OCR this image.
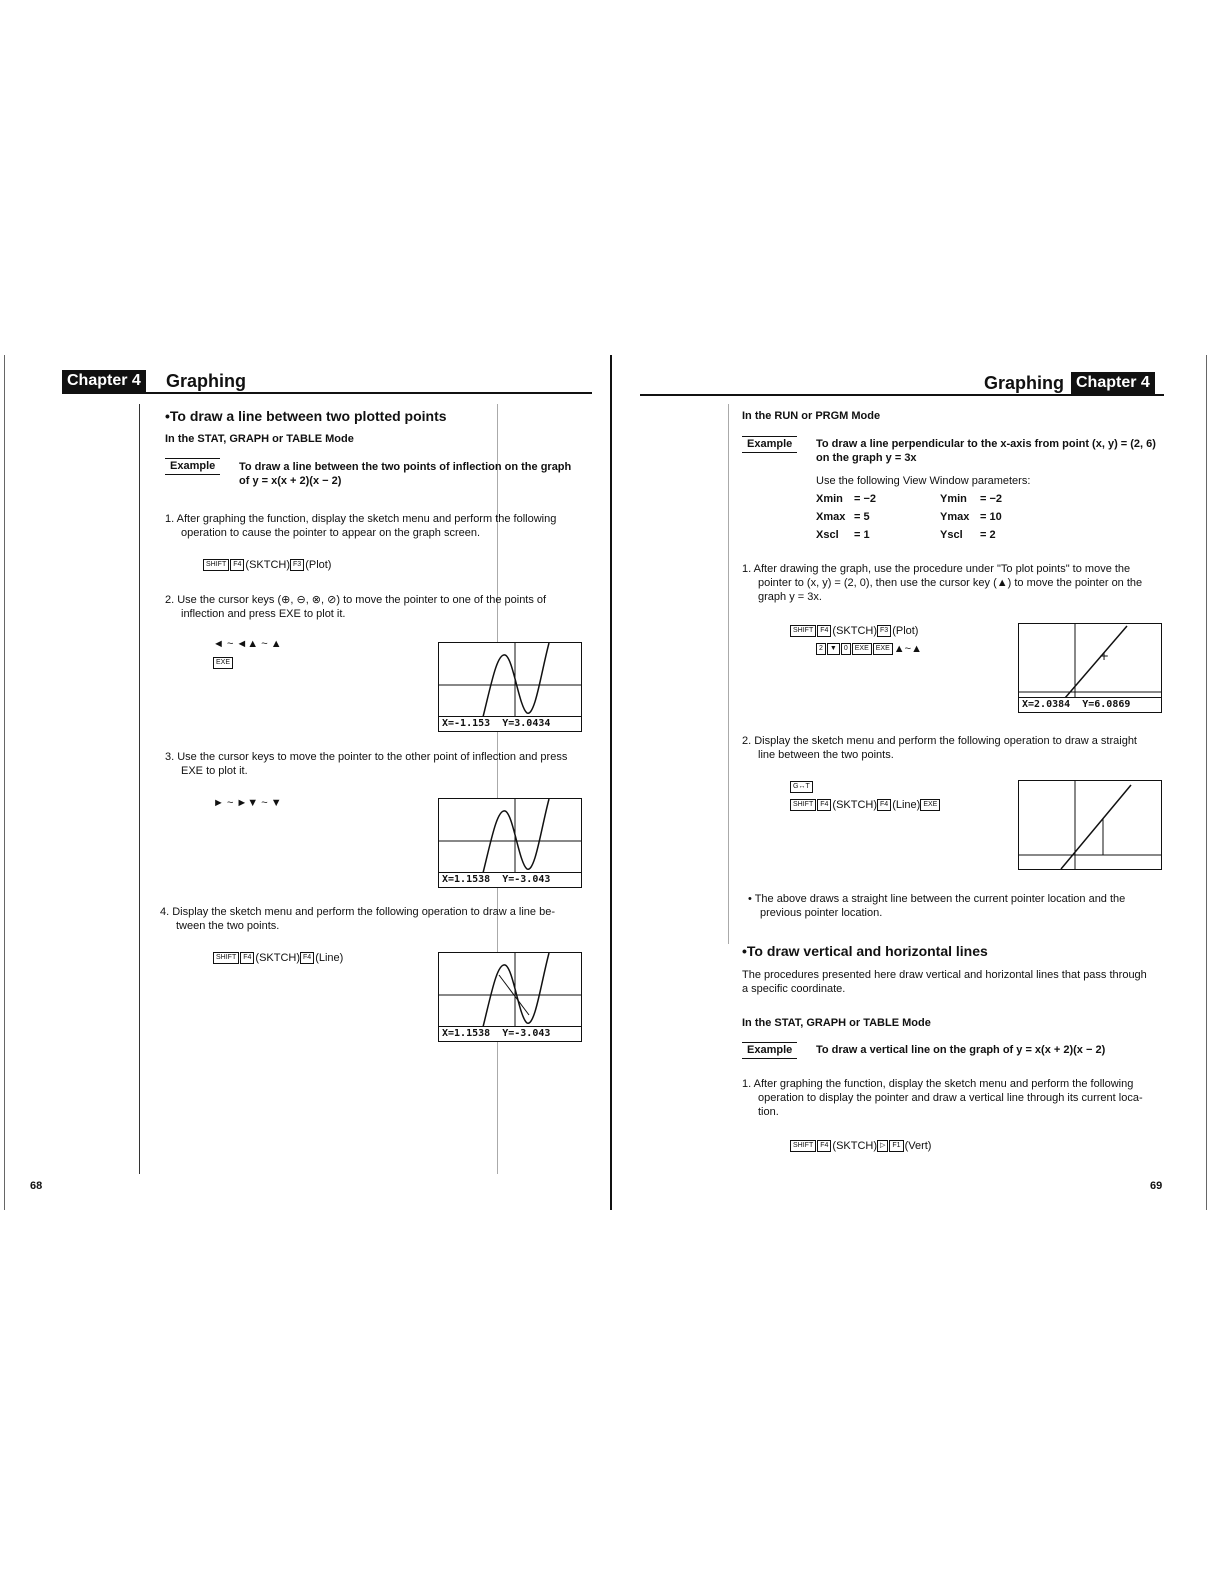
Chapter 4 Graphing
•To draw a line between two plotted points
In the STAT, GRAPH or TABLE Mode
Example	To draw a line between the two points of inflection on the graph
of y = x(x + 2)(x − 2)
1. After graphing the function, display the sketch menu and perform the following
operation to cause the pointer to appear on the graph screen.
SHIFT F4 (SKTCH) F3 (Plot)
2. Use the cursor keys (⊕, ⊖, ⊗, ⊘) to move the pointer to one of the points of
inflection and press EXE to plot it.
◄ ~ ◄▲ ~ ▲
EXE
X=-1.153 Y=3.0434
3. Use the cursor keys to move the pointer to the other point of inflection and press
EXE to plot it.
► ~ ►▼ ~ ▼
X=1.1538 Y=-3.043
4. Display the sketch menu and perform the following operation to draw a line be-
tween the two points.
SHIFT F4 (SKTCH) F4 (Line)
X=1.1538 Y=-3.043
68
Graphing Chapter 4
In the RUN or PRGM Mode
Example	To draw a line perpendicular to the x-axis from point (x, y) = (2, 6)
on the graph y = 3x
Use the following View Window parameters:
Xmin = −2	Ymin = −2
Xmax = 5	Ymax = 10
Xscl = 1	Yscl = 2
1. After drawing the graph, use the procedure under "To plot points" to move the
pointer to (x, y) = (2, 0), then use the cursor key (▲) to move the pointer on the
graph y = 3x.
SHIFT F4 (SKTCH) F3 (Plot)
2 ▼ 0 EXE EXE ▲~▲	+
X=2.0384 Y=6.0869
2. Display the sketch menu and perform the following operation to draw a straight
line between the two points.
G↔T
SHIFT F4 (SKTCH) F4 (Line) EXE
• The above draws a straight line between the current pointer location and the
previous pointer location.
•To draw vertical and horizontal lines
The procedures presented here draw vertical and horizontal lines that pass through
a specific coordinate.
In the STAT, GRAPH or TABLE Mode
Example	To draw a vertical line on the graph of y = x(x + 2)(x − 2)
1. After graphing the function, display the sketch menu and perform the following
operation to display the pointer and draw a vertical line through its current loca-
tion.
SHIFT F4 (SKTCH) ▷ F1 (Vert)
69
